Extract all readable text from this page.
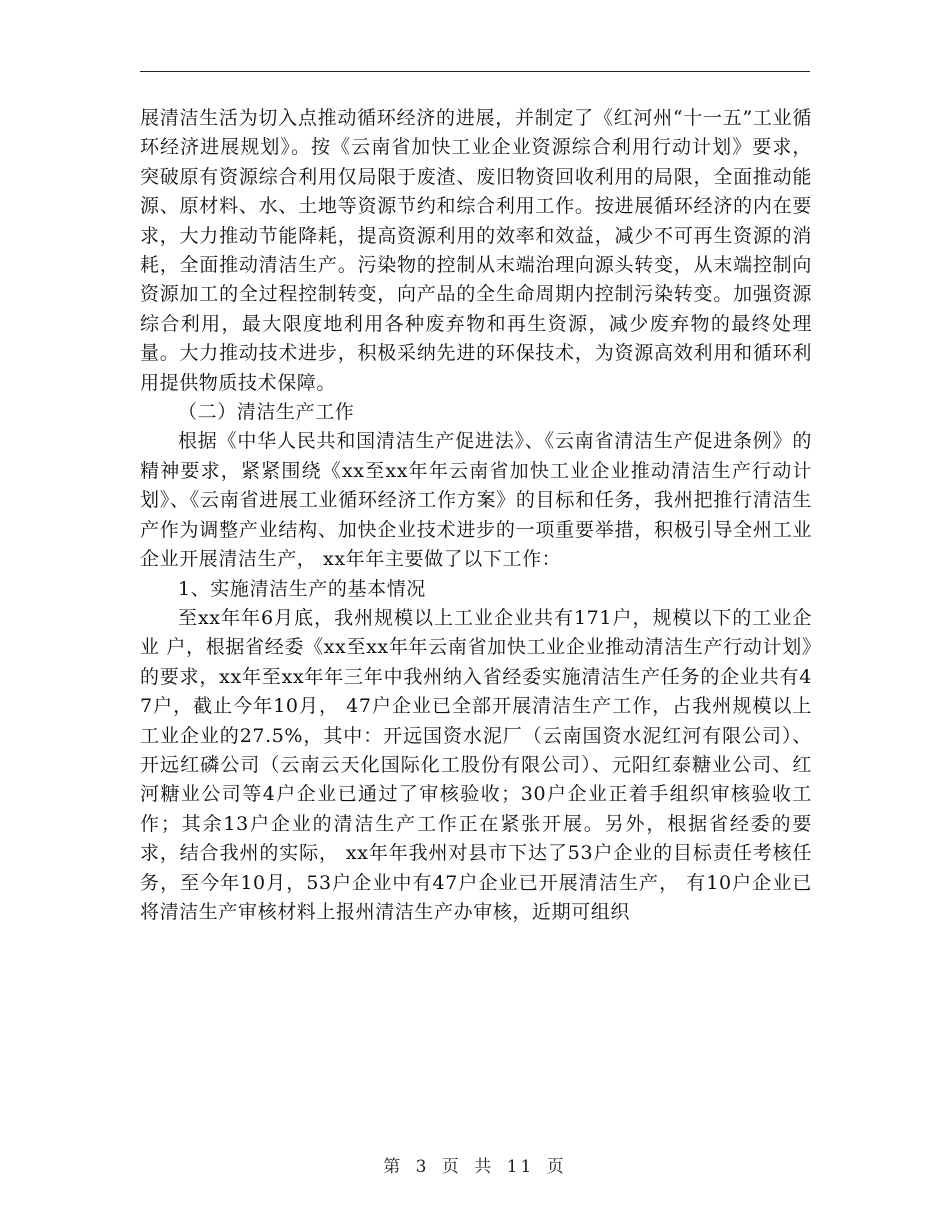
展清洁生活为切入点推动循环经济的进展，并制定了《红河州“十一五”工业循环经济进展规划》。按《云南省加快工业企业资源综合利用行动计划》要求，突破原有资源综合利用仅局限于废渣、废旧物资回收利用的局限，全面推动能源、原材料、水、土地等资源节约和综合利用工作。按进展循环经济的内在要求，大力推动节能降耗，提高资源利用的效率和效益，减少不可再生资源的消耗，全面推动清洁生产。污染物的控制从末端治理向源头转变，从末端控制向资源加工的全过程控制转变，向产品的全生命周期内控制污染转变。加强资源综合利用，最大限度地利用各种废弃物和再生资源，减少废弃物的最终处理量。大力推动技术进步，积极采纳先进的环保技术，为资源高效利用和循环利用提供物质技术保障。

（二）清洁生产工作

根据《中华人民共和国清洁生产促进法》、《云南省清洁生产促进条例》的精神要求，紧紧围绕《xx至xx年年云南省加快工业企业推动清洁生产行动计划》、《云南省进展工业循环经济工作方案》的目标和任务，我州把推行清洁生产作为调整产业结构、加快企业技术进步的一项重要举措，积极引导全州工业企业开展清洁生产， xx年年主要做了以下工作：

1、实施清洁生产的基本情况

至xx年年6月底，我州规模以上工业企业共有171户，规模以下的工业企业 户，根据省经委《xx至xx年年云南省加快工业企业推动清洁生产行动计划》的要求，xx年至xx年年三年中我州纳入省经委实施清洁生产任务的企业共有47户，截止今年10月， 47户企业已全部开展清洁生产工作，占我州规模以上工业企业的27.5%，其中：开远国资水泥厂（云南国资水泥红河有限公司）、开远红磷公司（云南云天化国际化工股份有限公司）、元阳红泰糖业公司、红河糖业公司等4户企业已通过了审核验收；30户企业正着手组织审核验收工作；其余13户企业的清洁生产工作正在紧张开展。另外，根据省经委的要求，结合我州的实际， xx年年我州对县市下达了53户企业的目标责任考核任务，至今年10月，53户企业中有47户企业已开展清洁生产， 有10户企业已将清洁生产审核材料上报州清洁生产办审核，近期可组织

第 3 页 共 11 页
